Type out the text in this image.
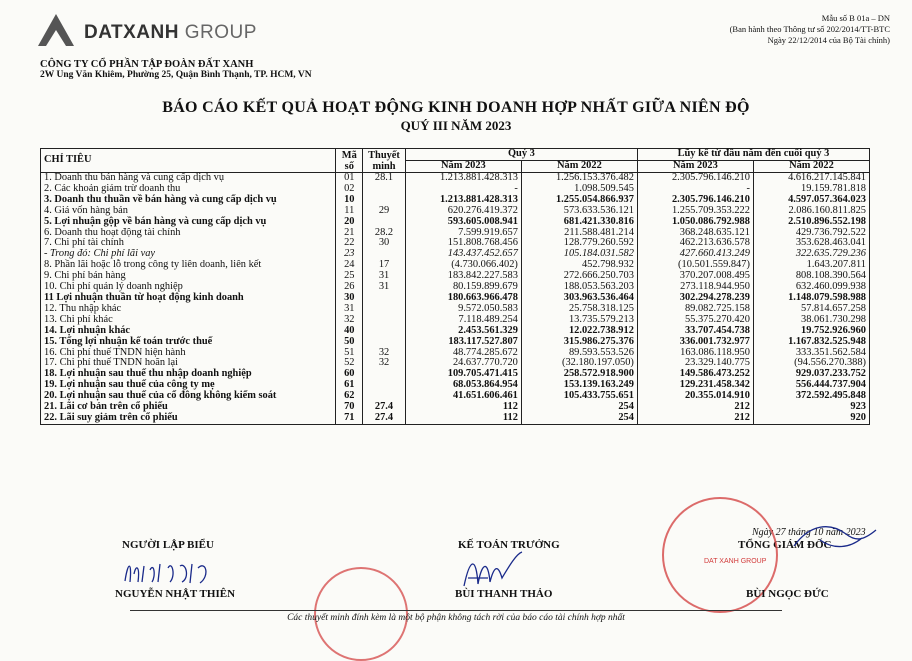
DATXANH GROUP
CÔNG TY CỔ PHẦN TẬP ĐOÀN ĐẤT XANH
2W Ung Văn Khiêm, Phường 25, Quận Bình Thạnh, TP. HCM, VN
Mẫu số B 01a – DN
(Ban hành theo Thông tư số 202/2014/TT-BTC
Ngày 22/12/2014 của Bộ Tài chính)
BÁO CÁO KẾT QUẢ HOẠT ĐỘNG KINH DOANH HỢP NHẤT GIỮA NIÊN ĐỘ
QUÝ III NĂM 2023
CHỈ TIÊU	Mã số	Thuyết minh	Quý 3		Lũy kế từ đầu năm đến cuối quý 3	
			Năm 2023	Năm 2022	Năm 2023	Năm 2022
1. Doanh thu bán hàng và cung cấp dịch vụ	01	28.1	1.213.881.428.313	1.256.153.376.482	2.305.796.146.210	4.616.217.145.841
2. Các khoản giảm trừ doanh thu	02		-	1.098.509.545	-	19.159.781.818
3. Doanh thu thuần về bán hàng và cung cấp dịch vụ	10		1.213.881.428.313	1.255.054.866.937	2.305.796.146.210	4.597.057.364.023
4. Giá vốn hàng bán	11	29	620.276.419.372	573.633.536.121	1.255.709.353.222	2.086.160.811.825
5. Lợi nhuận gộp về bán hàng và cung cấp dịch vụ	20		593.605.008.941	681.421.330.816	1.050.086.792.988	2.510.896.552.198
6. Doanh thu hoạt động tài chính	21	28.2	7.599.919.657	211.588.481.214	368.248.635.121	429.736.792.522
7. Chi phí tài chính	22	30	151.808.768.456	128.779.260.592	462.213.636.578	353.628.463.041
- Trong đó: Chi phí lãi vay	23		143.437.452.657	105.184.031.582	427.660.413.249	322.635.729.236
8. Phần lãi hoặc lỗ trong công ty liên doanh, liên kết	24	17	(4.730.066.402)	452.798.932	(10.501.559.847)	1.643.207.811
9. Chi phí bán hàng	25	31	183.842.227.583	272.666.250.703	370.207.008.495	808.108.390.564
10. Chi phí quản lý doanh nghiệp	26	31	80.159.899.679	188.053.563.203	273.118.944.950	632.460.099.938
11 Lợi nhuận thuần từ hoạt động kinh doanh	30		180.663.966.478	303.963.536.464	302.294.278.239	1.148.079.598.988
12. Thu nhập khác	31		9.572.050.583	25.758.318.125	89.082.725.158	57.814.657.258
13. Chi phí khác	32		7.118.489.254	13.735.579.213	55.375.270.420	38.061.730.298
14. Lợi nhuận khác	40		2.453.561.329	12.022.738.912	33.707.454.738	19.752.926.960
15. Tổng lợi nhuận kế toán trước thuế	50		183.117.527.807	315.986.275.376	336.001.732.977	1.167.832.525.948
16. Chi phí thuế TNDN hiện hành	51	32	48.774.285.672	89.593.553.526	163.086.118.950	333.351.562.584
17. Chi phí thuế TNDN hoãn lại	52	32	24.637.770.720	(32.180.197.050)	23.329.140.775	(94.556.270.388)
18. Lợi nhuận sau thuế thu nhập doanh nghiệp	60		109.705.471.415	258.572.918.900	149.586.473.252	929.037.233.752
19. Lợi nhuận sau thuế của công ty mẹ	61		68.053.864.954	153.139.163.249	129.231.458.342	556.444.737.904
20. Lợi nhuận sau thuế của cổ đông không kiểm soát	62		41.651.606.461	105.433.755.651	20.355.014.910	372.592.495.848
21. Lãi cơ bản trên cổ phiếu	70	27.4	112	254	212	923
22. Lãi suy giảm trên cổ phiếu	71	27.4	112	254	212	920
NGƯỜI LẬP BIỂU
NGUYỄN NHẬT THIÊN
KẾ TOÁN TRƯỞNG
BÙI THANH THẢO
Ngày 27 tháng 10 năm 2023
TỔNG GIÁM ĐỐC
DAT XANH GROUP
BÙI NGỌC ĐỨC
Các thuyết minh đính kèm là một bộ phận không tách rời của báo cáo tài chính hợp nhất
